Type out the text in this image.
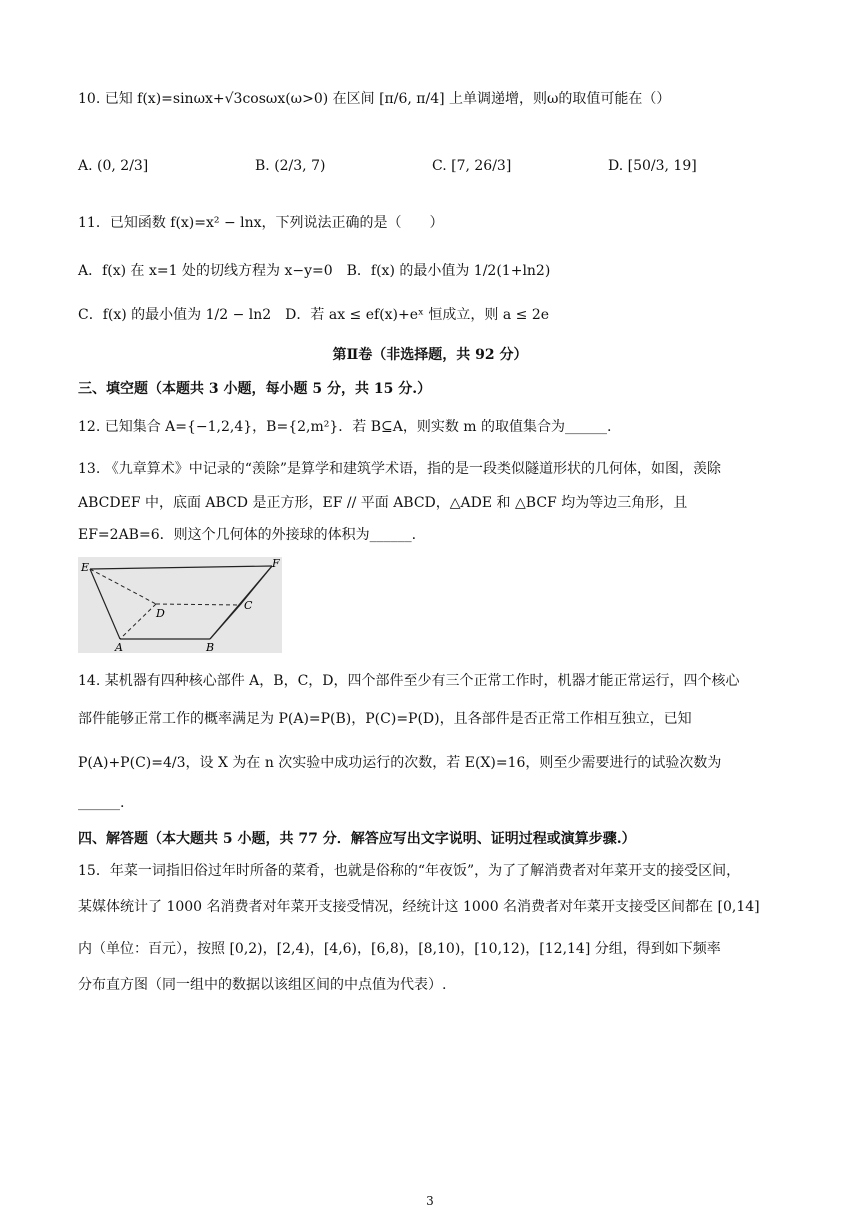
10. 已知 f(x)=sinωx+√3cosωx(ω>0) 在区间 [π/6, π/4] 上单调递增，则ω的取值可能在（）
A. (0, 2/3]	B. (2/3, 7)	C. [7, 26/3]	D. [50/3, 19]
11．已知函数 f(x)=x² − lnx，下列说法正确的是（　　）
A．f(x) 在 x=1 处的切线方程为 x−y=0　B．f(x) 的最小值为 1/2(1+ln2)
C．f(x) 的最小值为 1/2 − ln2　D．若 ax ≤ ef(x)+eˣ 恒成立，则 a ≤ 2e
第Ⅱ卷（非选择题，共 92 分）
三、填空题（本题共 3 小题，每小题 5 分，共 15 分.）
12. 已知集合 A={−1,2,4}，B={2,m²}．若 B⊆A，则实数 m 的取值集合为______.
13. 《九章算术》中记录的“羡除”是算学和建筑学术语，指的是一段类似隧道形状的几何体，如图，羡除
ABCDEF 中，底面 ABCD 是正方形，EF // 平面 ABCD，△ADE 和 △BCF 均为等边三角形，且
EF=2AB=6．则这个几何体的外接球的体积为______.
E	F
D
C
A	B
14. 某机器有四种核心部件 A，B，C，D，四个部件至少有三个正常工作时，机器才能正常运行，四个核心
部件能够正常工作的概率满足为 P(A)=P(B)，P(C)=P(D)，且各部件是否正常工作相互独立，已知
P(A)+P(C)=4/3，设 X 为在 n 次实验中成功运行的次数，若 E(X)=16，则至少需要进行的试验次数为
______.
四、解答题（本大题共 5 小题，共 77 分．解答应写出文字说明、证明过程或演算步骤.）
15．年菜一词指旧俗过年时所备的菜肴，也就是俗称的“年夜饭”，为了了解消费者对年菜开支的接受区间，
某媒体统计了 1000 名消费者对年菜开支接受情况，经统计这 1000 名消费者对年菜开支接受区间都在 [0,14]
内（单位：百元），按照 [0,2)，[2,4)，[4,6)，[6,8)，[8,10)，[10,12)，[12,14] 分组，得到如下频率
分布直方图（同一组中的数据以该组区间的中点值为代表）.
3
